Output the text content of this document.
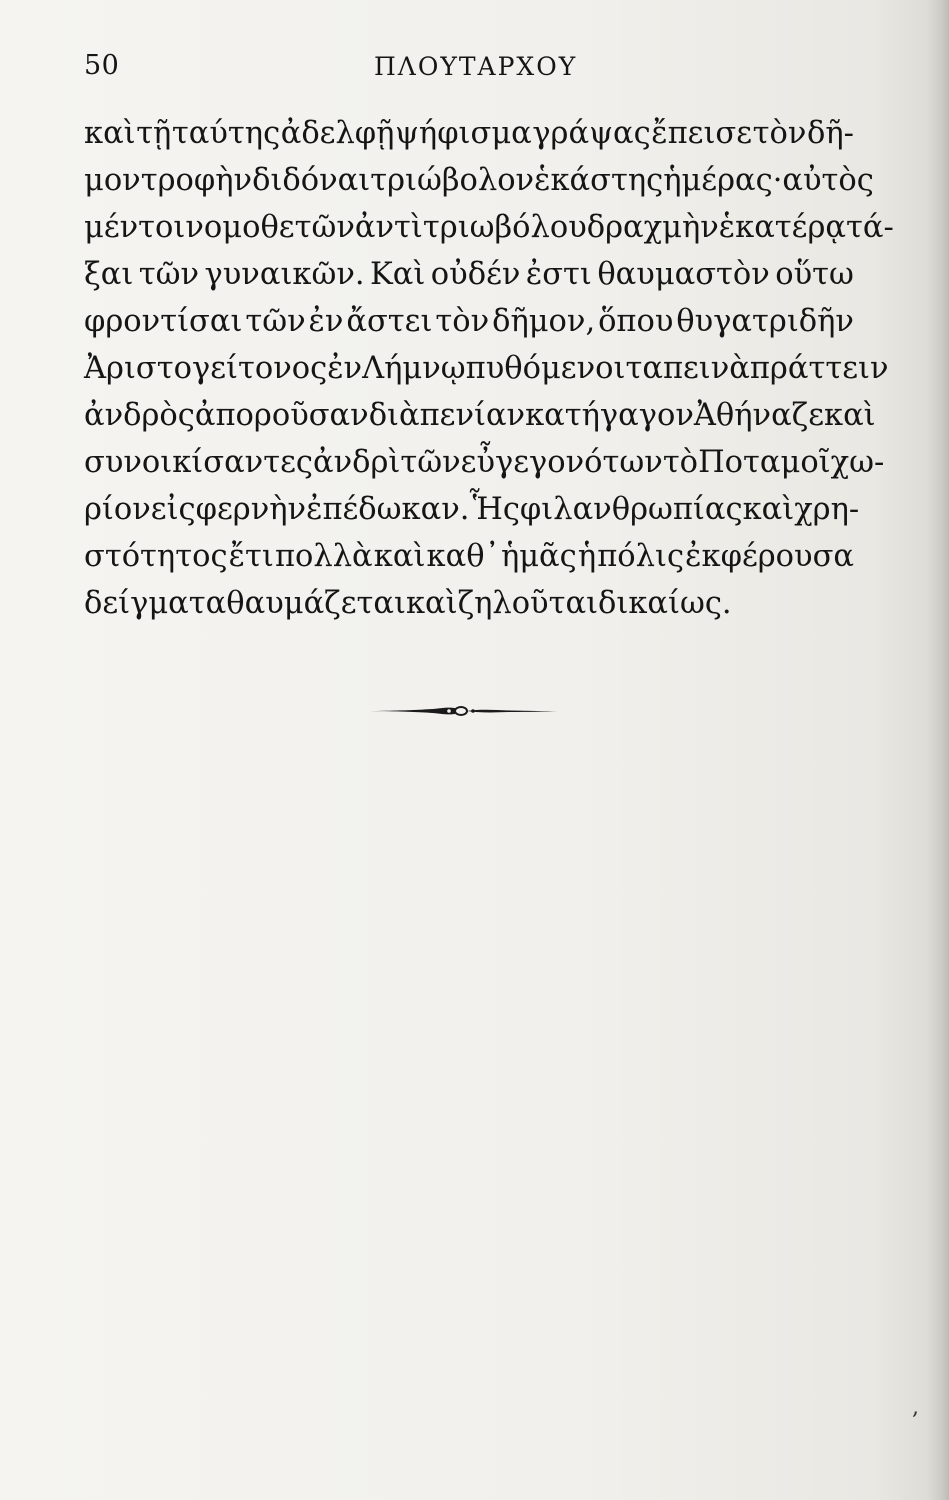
50	ΠΛΟΥΤΑΡΧΟΥ
καὶ τῇ ταύτης ἀδελφῇ ψήφισμα γράψας ἔπεισε τὸν δῆ-
μον τροφὴν διδόναι τριώβολον ἑκάστης ἡμέρας· αὐτὸς
μέντοι νομοθετῶν ἀντὶ τριωβόλου δραχμὴν ἑκατέρᾳ τά-
ξαι τῶν γυναικῶν. Καὶ οὐδέν ἐστι θαυμαστὸν οὕτω
φροντίσαι τῶν ἐν ἄστει τὸν δῆμον, ὅπου θυγατριδῆν
Ἀριστογείτονος ἐν Λήμνῳ πυθόμενοι ταπεινὰ πράττειν
ἀνδρὸς ἀποροῦσαν διὰ πενίαν κατήγαγον Ἀθήναζε καὶ
συνοικίσαντες ἀνδρὶ τῶν εὖ γεγονότων τὸ Ποταμοῖ χω-
ρίον εἰς φερνὴν ἐπέδωκαν. Ἧς φιλανθρωπίας καὶ χρη-
στότητος ἔτι πολλὰ καὶ καθ᾽ ἡμᾶς ἡ πόλις ἐκφέρουσα
δείγματα θαυμάζεται καὶ ζηλοῦται δικαίως.
,
